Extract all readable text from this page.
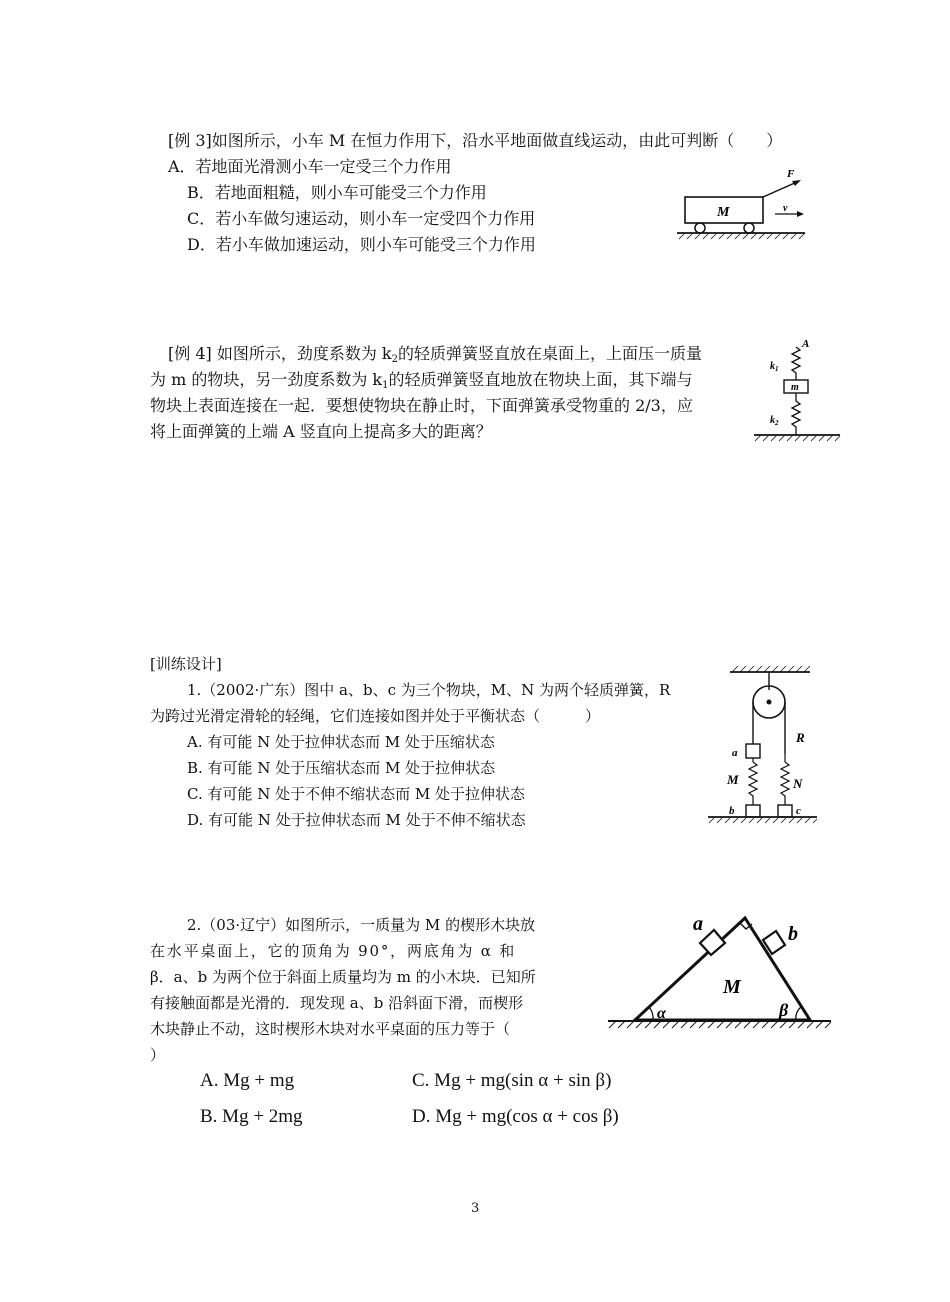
[例 3]如图所示，小车 M 在恒力作用下，沿水平地面做直线运动，由此可判断（　　）
A．若地面光滑测小车一定受三个力作用
B．若地面粗糙，则小车可能受三个力作用
C．若小车做匀速运动，则小车一定受四个力作用
D．若小车做加速运动，则小车可能受三个力作用
M
F
v
[例 4] 如图所示，劲度系数为 $k_2$的轻质弹簧竖直放在桌面上，上面压一质量
为 m 的物块，另一劲度系数为 $k_1$的轻质弹簧竖直地放在物块上面，其下端与
物块上表面连接在一起．要想使物块在静止时，下面弹簧承受物重的 2/3，应
将上面弹簧的上端 A 竖直向上提高多大的距离？
A
$k_1$
m
$k_2$
[训练设计]
1.（2002·广东）图中 a、b、c 为三个物块，M、N 为两个轻质弹簧，R
为跨过光滑定滑轮的轻绳，它们连接如图并处于平衡状态（　　　）
A. 有可能 N 处于拉伸状态而 M 处于压缩状态
B. 有可能 N 处于压缩状态而 M 处于拉伸状态
C. 有可能 N 处于不伸不缩状态而 M 处于拉伸状态
D. 有可能 N 处于拉伸状态而 M 处于不伸不缩状态
a
R
M	N
b	c
2.（03·辽宁）如图所示，一质量为 M 的楔形木块放
在水平桌面上，它的顶角为 90°，两底角为 α 和
β．a、b 为两个位于斜面上质量均为 m 的小木块．已知所
有接触面都是光滑的．现发现 a、b 沿斜面下滑，而楔形
木块静止不动，这时楔形木块对水平桌面的压力等于（
）
A. Mg + mg	C. Mg + mg(sin α + sin β)
B. Mg + 2mg	D. Mg + mg(cos α + cos β)
a	b
M
α	β
3
